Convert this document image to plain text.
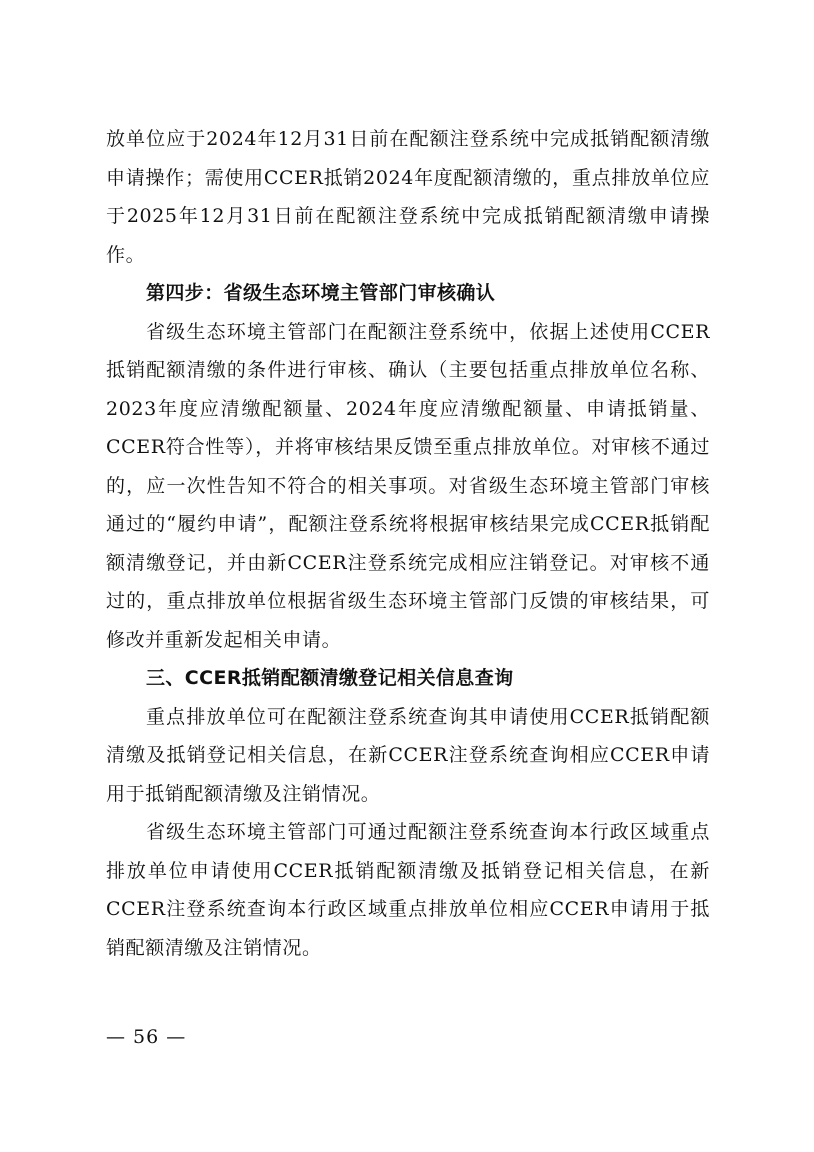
放单位应于2024年12月31日前在配额注登系统中完成抵销配额清缴申请操作；需使用CCER抵销2024年度配额清缴的，重点排放单位应于2025年12月31日前在配额注登系统中完成抵销配额清缴申请操作。

第四步：省级生态环境主管部门审核确认

省级生态环境主管部门在配额注登系统中，依据上述使用CCER抵销配额清缴的条件进行审核、确认（主要包括重点排放单位名称、2023年度应清缴配额量、2024年度应清缴配额量、申请抵销量、CCER符合性等），并将审核结果反馈至重点排放单位。对审核不通过的，应一次性告知不符合的相关事项。对省级生态环境主管部门审核通过的“履约申请”，配额注登系统将根据审核结果完成CCER抵销配额清缴登记，并由新CCER注登系统完成相应注销登记。对审核不通过的，重点排放单位根据省级生态环境主管部门反馈的审核结果，可修改并重新发起相关申请。

三、CCER抵销配额清缴登记相关信息查询

重点排放单位可在配额注登系统查询其申请使用CCER抵销配额清缴及抵销登记相关信息，在新CCER注登系统查询相应CCER申请用于抵销配额清缴及注销情况。

省级生态环境主管部门可通过配额注登系统查询本行政区域重点排放单位申请使用CCER抵销配额清缴及抵销登记相关信息，在新CCER注登系统查询本行政区域重点排放单位相应CCER申请用于抵销配额清缴及注销情况。

— 56 —
